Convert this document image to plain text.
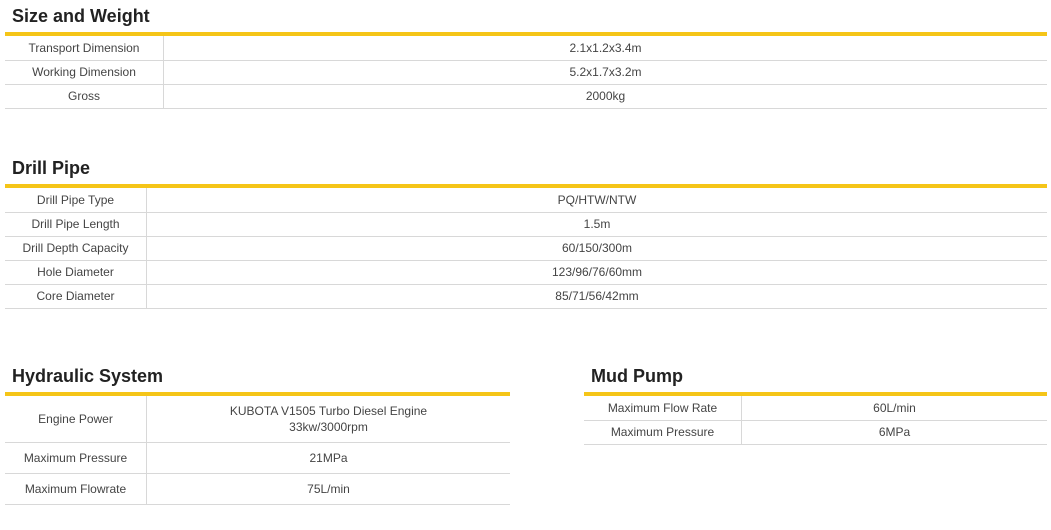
Size and Weight
Transport Dimension	2.1x1.2x3.4m
Working Dimension	5.2x1.7x3.2m
Gross	2000kg
Drill Pipe
Drill Pipe Type	PQ/HTW/NTW
Drill Pipe Length	1.5m
Drill Depth Capacity	60/150/300m
Hole Diameter	123/96/76/60mm
Core Diameter	85/71/56/42mm
Hydraulic System
Engine Power	KUBOTA V1505 Turbo Diesel Engine
33kw/3000rpm

Maximum Pressure	21MPa
Maximum Flowrate	75L/min
Mud Pump
Maximum Flow Rate	60L/min
Maximum Pressure	6MPa
